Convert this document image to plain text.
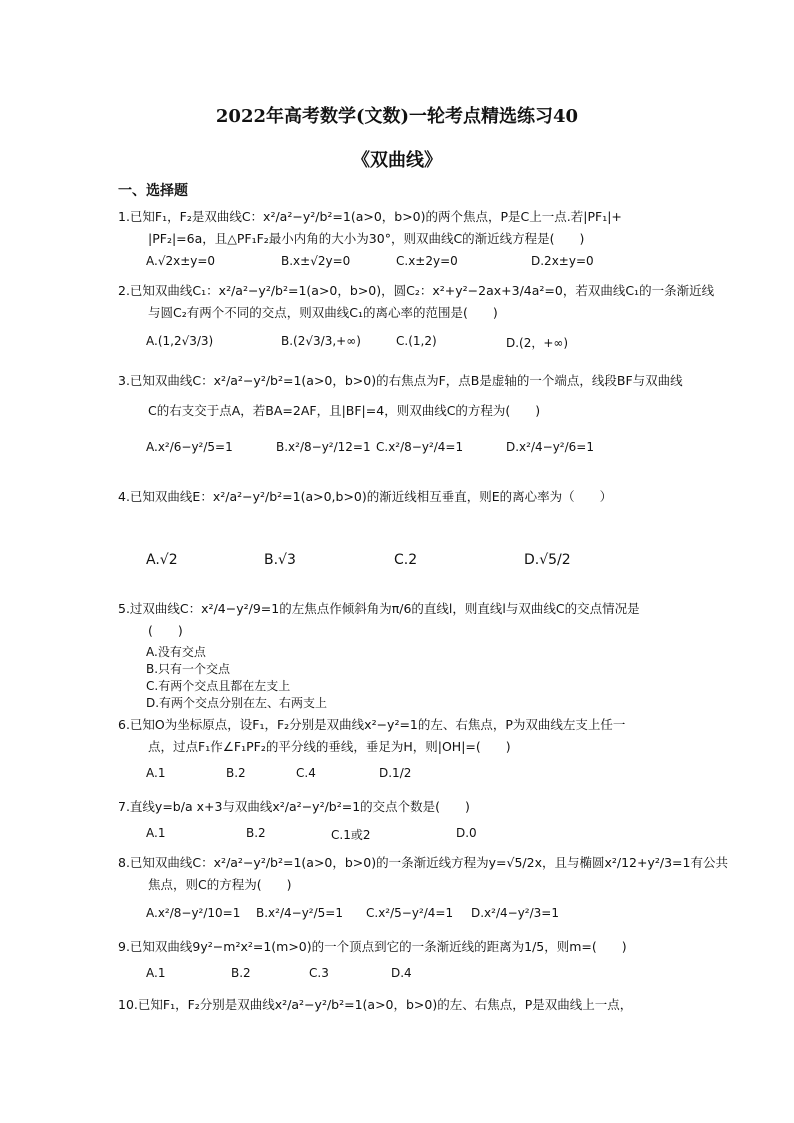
2022年高考数学(文数)一轮考点精选练习40
《双曲线》
一、选择题
1.已知F₁，F₂是双曲线C：x²/a²−y²/b²=1(a>0，b>0)的两个焦点，P是C上一点.若|PF₁|+
|PF₂|=6a，且△PF₁F₂最小内角的大小为30°，则双曲线C的渐近线方程是(　　)
A.√2x±y=0	B.x±√2y=0	C.x±2y=0	D.2x±y=0
2.已知双曲线C₁：x²/a²−y²/b²=1(a>0，b>0)，圆C₂：x²+y²−2ax+3/4a²=0，若双曲线C₁的一条渐近线
与圆C₂有两个不同的交点，则双曲线C₁的离心率的范围是(　　)
A.(1,2√3/3)	B.(2√3/3,+∞)	C.(1,2)	D.(2，+∞)
3.已知双曲线C：x²/a²−y²/b²=1(a>0，b>0)的右焦点为F，点B是虚轴的一个端点，线段BF与双曲线
C的右支交于点A，若BA=2AF，且|BF|=4，则双曲线C的方程为(　　)
A.x²/6−y²/5=1	B.x²/8−y²/12=1 C.x²/8−y²/4=1	D.x²/4−y²/6=1
4.已知双曲线E：x²/a²−y²/b²=1(a>0,b>0)的渐近线相互垂直，则E的离心率为（　　）
A.√2	B.√3	C.2	D.√5/2
5.过双曲线C：x²/4−y²/9=1的左焦点作倾斜角为π/6的直线l，则直线l与双曲线C的交点情况是
(　　)
A.没有交点
B.只有一个交点
C.有两个交点且都在左支上
D.有两个交点分别在左、右两支上
6.已知O为坐标原点，设F₁，F₂分别是双曲线x²−y²=1的左、右焦点，P为双曲线左支上任一
点，过点F₁作∠F₁PF₂的平分线的垂线，垂足为H，则|OH|=(　　)
A.1	B.2	C.4	D.1/2
7.直线y=b/a x+3与双曲线x²/a²−y²/b²=1的交点个数是(　　)
A.1	B.2	C.1或2	D.0
8.已知双曲线C：x²/a²−y²/b²=1(a>0，b>0)的一条渐近线方程为y=√5/2x，且与椭圆x²/12+y²/3=1有公共
焦点，则C的方程为(　　)
A.x²/8−y²/10=1 B.x²/4−y²/5=1 C.x²/5−y²/4=1 D.x²/4−y²/3=1
9.已知双曲线9y²−m²x²=1(m>0)的一个顶点到它的一条渐近线的距离为1/5，则m=(　　)
A.1	B.2	C.3	D.4
10.已知F₁，F₂分别是双曲线x²/a²−y²/b²=1(a>0，b>0)的左、右焦点，P是双曲线上一点，
